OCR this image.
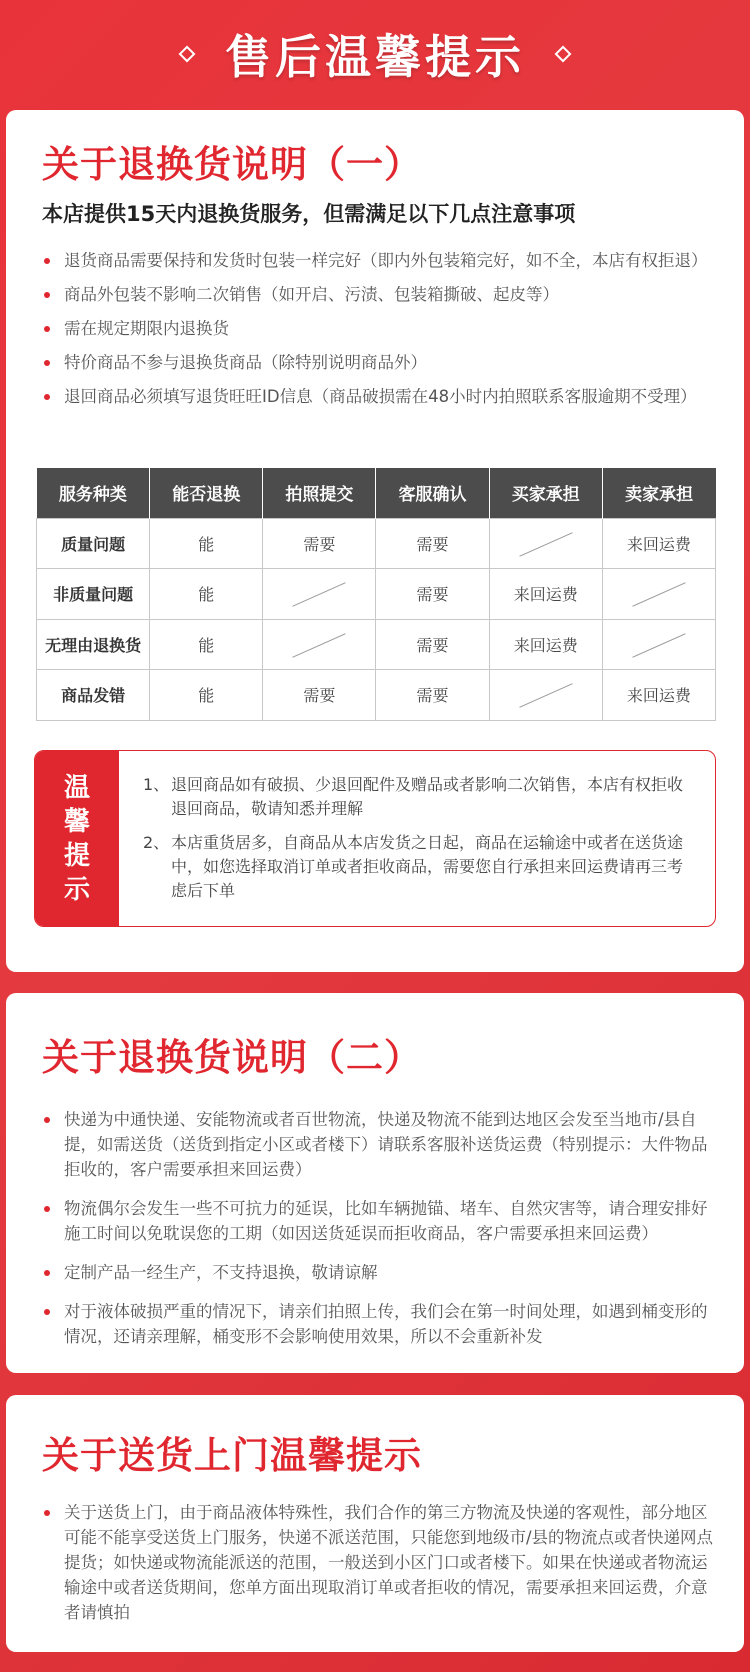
售后温馨提示
关于退换货说明（一）

本店提供15天内退换货服务，但需满足以下几点注意事项

退货商品需要保持和发货时包装一样完好（即内外包装箱完好，如不全，本店有权拒退）
商品外包装不影响二次销售（如开启、污渍、包装箱撕破、起皮等）
需在规定期限内退换货
特价商品不参与退换货商品（除特别说明商品外）
退回商品必须填写退货旺旺ID信息（商品破损需在48小时内拍照联系客服逾期不受理）
服务种类	能否退换	拍照提交	客服确认	买家承担	卖家承担
质量问题	能	需要	需要		来回运费
非质量问题	能		需要	来回运费	
无理由退换货	能		需要	来回运费	
商品发错	能	需要	需要		来回运费
温
馨
提
示
1、 退回商品如有破损、少退回配件及赠品或者影响二次销售，本店有权拒收退回商品，敬请知悉并理解
2、 本店重货居多，自商品从本店发货之日起，商品在运输途中或者在送货途中，如您选择取消订单或者拒收商品，需要您自行承担来回运费请再三考虑后下单
关于退换货说明（二）
快递为中通快递、安能物流或者百世物流，快递及物流不能到达地区会发至当地市/县自提，如需送货（送货到指定小区或者楼下）请联系客服补送货运费（特别提示：大件物品拒收的，客户需要承担来回运费）
物流偶尔会发生一些不可抗力的延误，比如车辆抛锚、堵车、自然灾害等，请合理安排好施工时间以免耽误您的工期（如因送货延误而拒收商品，客户需要承担来回运费）
定制产品一经生产，不支持退换，敬请谅解
对于液体破损严重的情况下，请亲们拍照上传，我们会在第一时间处理，如遇到桶变形的情况，还请亲理解，桶变形不会影响使用效果，所以不会重新补发
关于送货上门温馨提示
关于送货上门，由于商品液体特殊性，我们合作的第三方物流及快递的客观性，部分地区可能不能享受送货上门服务，快递不派送范围，只能您到地级市/县的物流点或者快递网点提货；如快递或物流能派送的范围，一般送到小区门口或者楼下。如果在快递或者物流运输途中或者送货期间，您单方面出现取消订单或者拒收的情况，需要承担来回运费，介意者请慎拍
